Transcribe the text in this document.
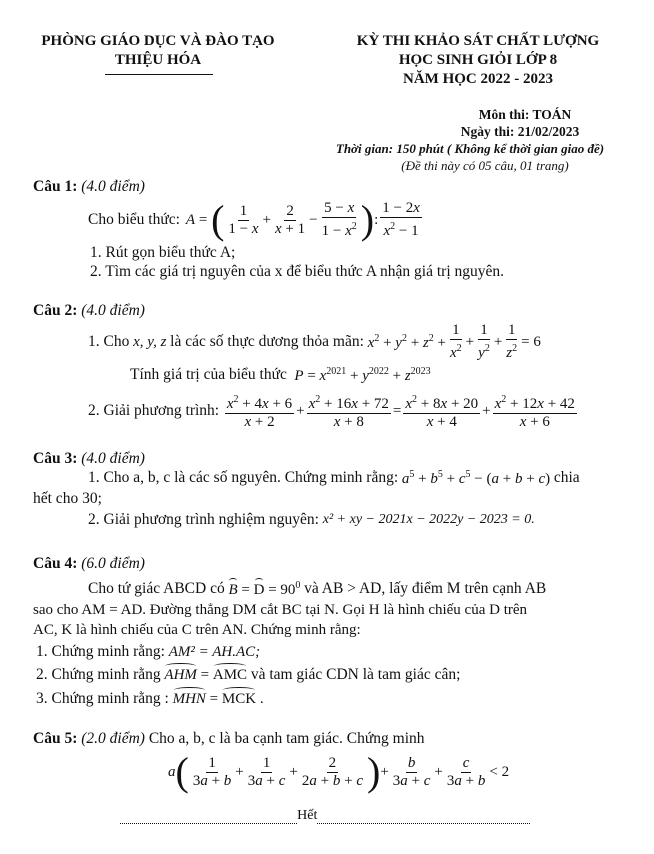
PHÒNG GIÁO DỤC VÀ ĐÀO TẠO
THIỆU HÓA
KỲ THI KHẢO SÁT CHẤT LƯỢNG
HỌC SINH GIỎI LỚP 8
NĂM HỌC 2022 - 2023
Môn thi: TOÁN
Ngày thi: 21/02/2023
Thời gian: 150 phút ( Không kể thời gian giao đề)
(Đề thi này có 05 câu, 01 trang)
Câu 1: (4.0 điểm)
Cho biểu thức: A = ( $\frac{1}{1 - x} + \frac{2}{x + 1} - \frac{5 - x}{1 - x^2}$ ) : $\frac{1 - 2x}{x^2 - 1}$
1. Rút gọn biểu thức A;
2. Tìm các giá trị nguyên của x để biểu thức A nhận giá trị nguyên.
Câu 2: (4.0 điểm)
1. Cho
x, y, z
là các số thực dương thỏa mãn:
$x^2 + y^2 + z^2 + \frac{1}{x^2} + \frac{1}{y^2} + \frac{1}{z^2} = 6$
Tính giá trị của biểu thức
$P = x^{2021} + y^{2022} + z^{2023}$
2. Giải phương trình:
$\frac{x^2 + 4x + 6}{x + 2} + \frac{x^2 + 16x + 72}{x + 8} = \frac{x^2 + 8x + 20}{x + 4} + \frac{x^2 + 12x + 42}{x + 6}$
Câu 3: (4.0 điểm)
1. Cho a, b, c là các số nguyên. Chứng minh rằng:
$a^5 + b^5 + c^5 - (a + b + c)$
chia
hết cho 30;
2. Giải phương trình nghiệm nguyên:
x² + xy − 2021x − 2022y − 2023 = 0.
Câu 4: (6.0 điểm)
Cho tứ giác ABCD có
$B = D = 90^0$
và AB > AD, lấy điểm M trên cạnh AB
sao cho AM = AD. Đường thẳng DM cắt BC tại N. Gọi H là hình chiếu của D trên
AC, K là hình chiếu của C trên AN. Chứng minh rằng:
1. Chứng minh rằng:
AM² = AH.AC;
2. Chứng minh rằng
AHM = AMC
và tam giác CDN là tam giác cân;
3. Chứng minh rằng :
MHN = MCK .
Câu 5: (2.0 điểm) Cho a, b, c là ba cạnh tam giác. Chứng minh
a ( $\frac{1}{3a + b} + \frac{1}{3a + c} + \frac{2}{2a + b + c}$ ) + $\frac{b}{3a + c} + \frac{c}{3a + b} < 2$
Hết
